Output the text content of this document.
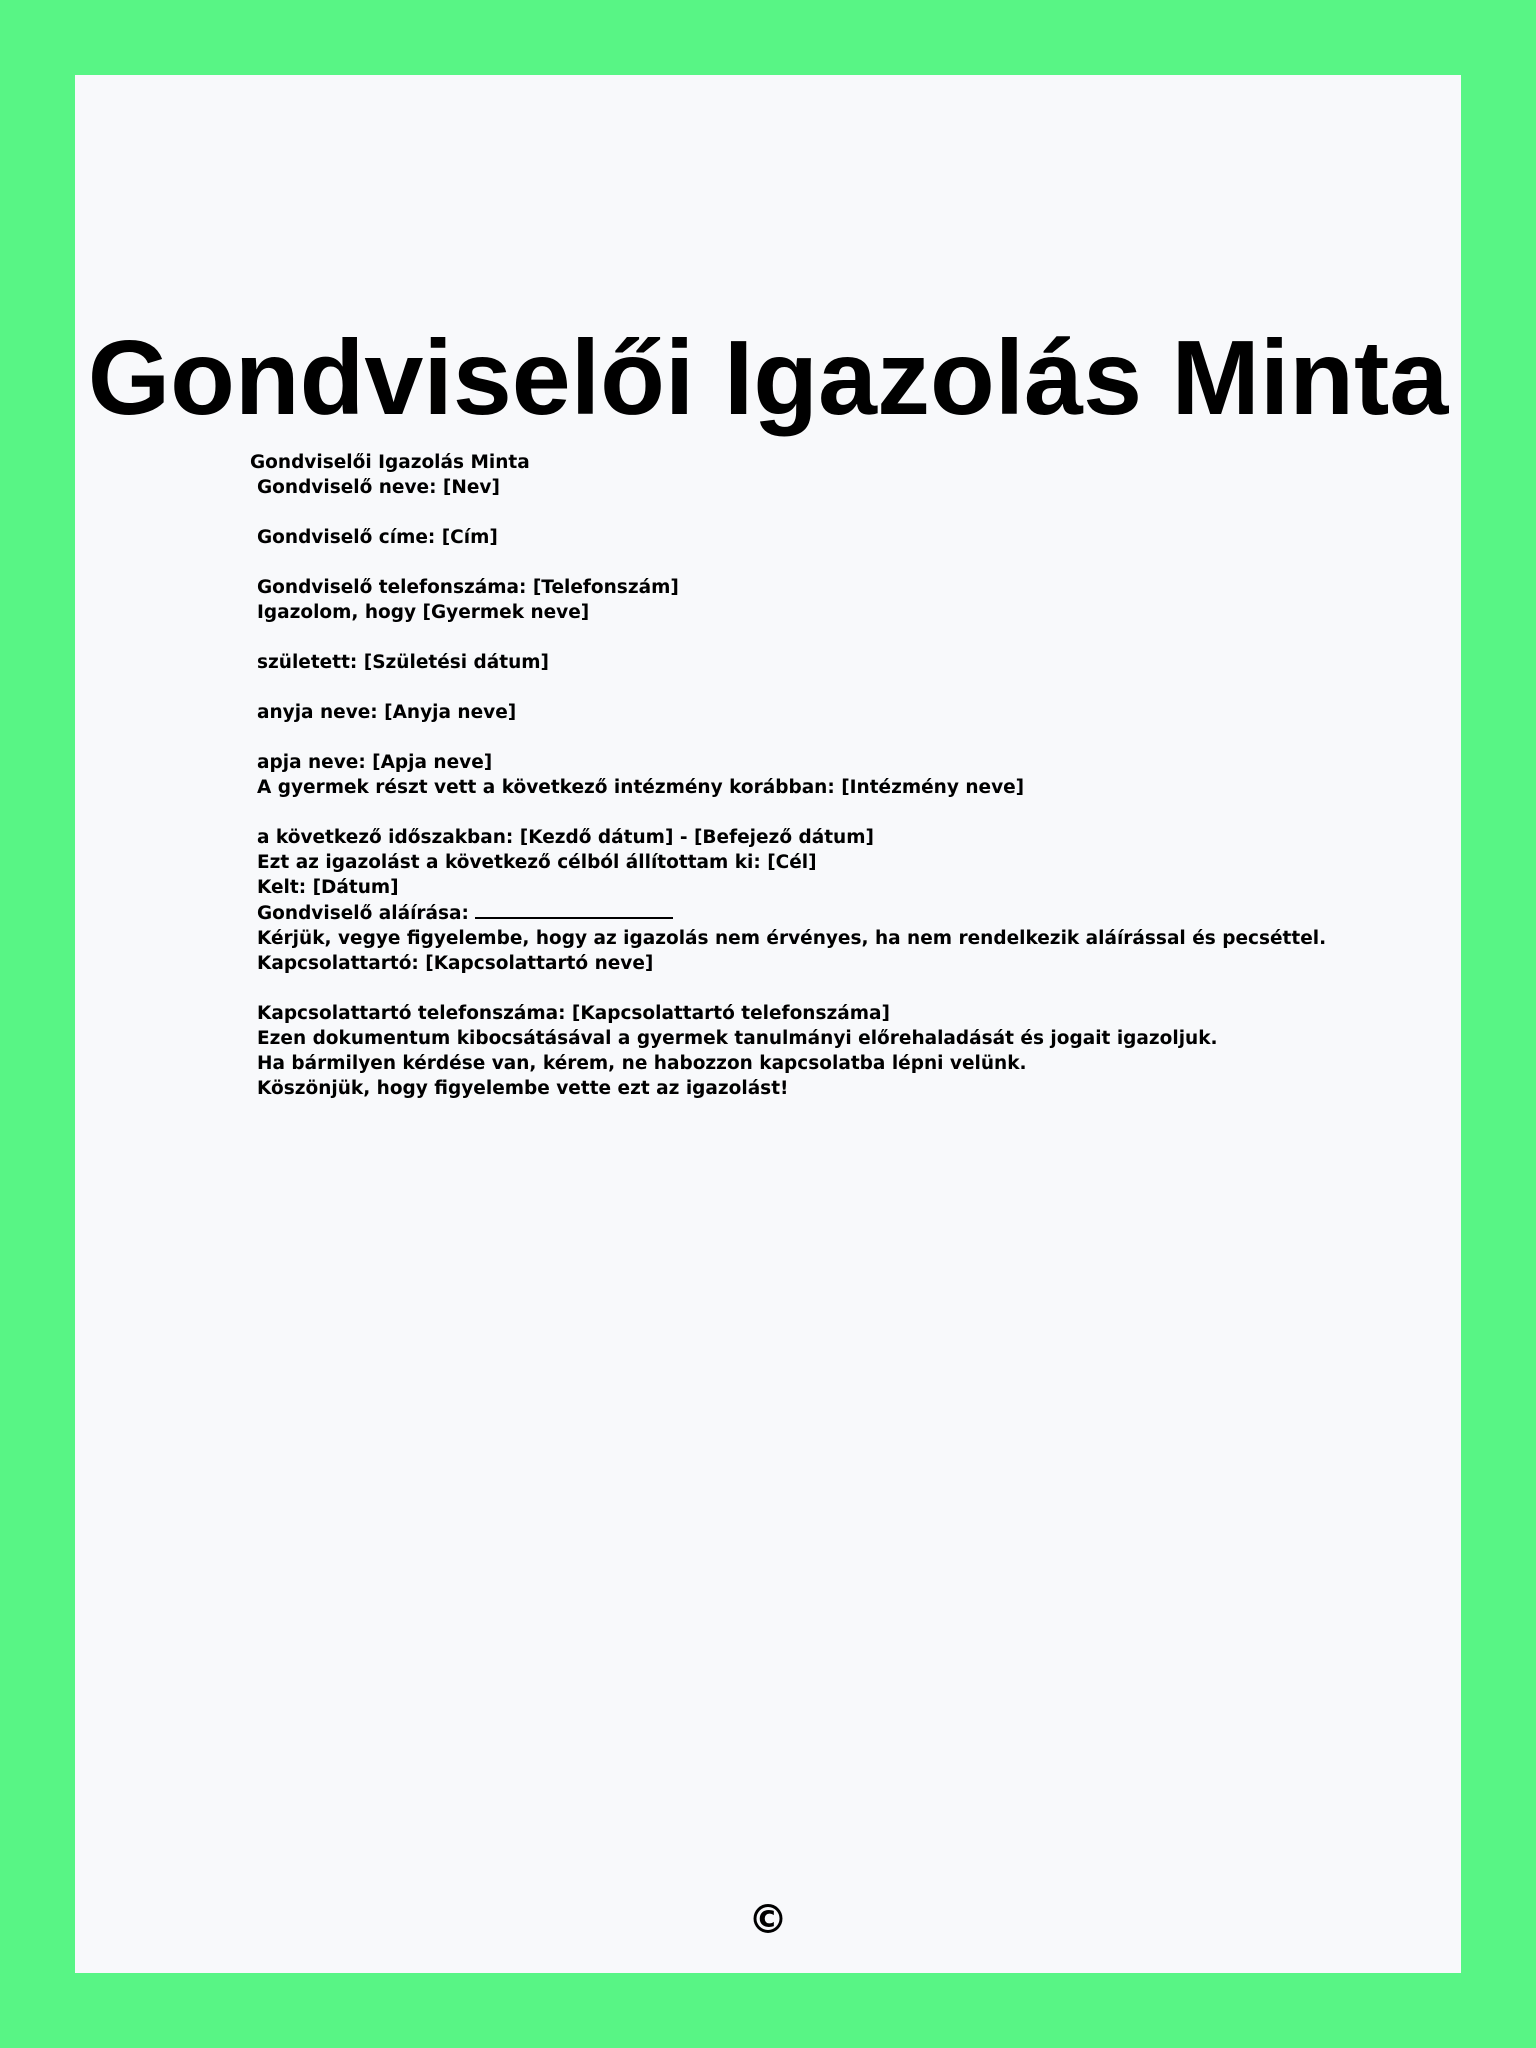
Gondviselői Igazolás Minta
Gondviselői Igazolás Minta
Gondviselő neve: [Nev]
Gondviselő címe: [Cím]
Gondviselő telefonszáma: [Telefonszám]
Igazolom, hogy [Gyermek neve]
született: [Születési dátum]
anyja neve: [Anyja neve]
apja neve: [Apja neve]
A gyermek részt vett a következő intézmény korábban: [Intézmény neve]
a következő időszakban: [Kezdő dátum] - [Befejező dátum]
Ezt az igazolást a következő célból állítottam ki: [Cél]
Kelt: [Dátum]
Gondviselő aláírása:
Kérjük, vegye figyelembe, hogy az igazolás nem érvényes, ha nem rendelkezik aláírással és pecséttel.
Kapcsolattartó: [Kapcsolattartó neve]
Kapcsolattartó telefonszáma: [Kapcsolattartó telefonszáma]
Ezen dokumentum kibocsátásával a gyermek tanulmányi előrehaladását és jogait igazoljuk.
Ha bármilyen kérdése van, kérem, ne habozzon kapcsolatba lépni velünk.
Köszönjük, hogy figyelembe vette ezt az igazolást!
©
